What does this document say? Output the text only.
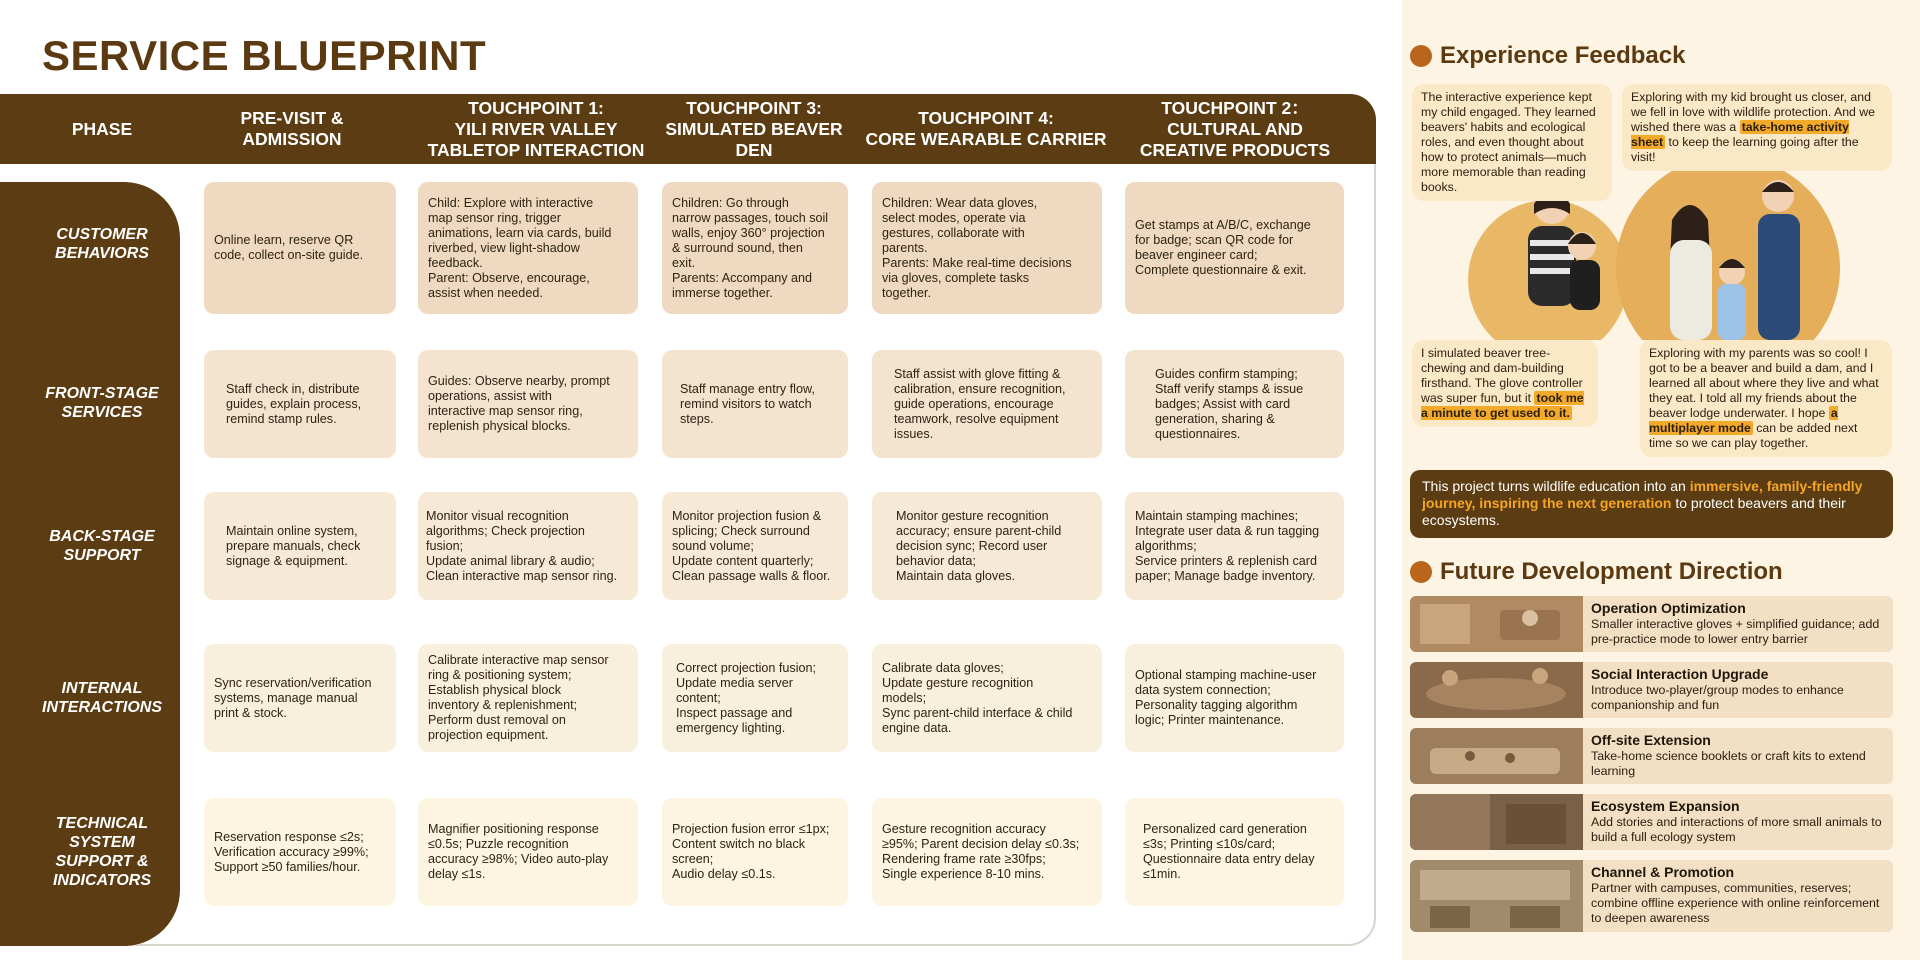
SERVICE BLUEPRINT
PHASE
PRE-VISIT &
ADMISSION
TOUCHPOINT 1:
YILI RIVER VALLEY
TABLETOP INTERACTION
TOUCHPOINT 3:
SIMULATED BEAVER
DEN
TOUCHPOINT 4:
CORE WEARABLE CARRIER
TOUCHPOINT 2：
CULTURAL AND
CREATIVE PRODUCTS
CUSTOMER
BEHAVIORS
FRONT-STAGE
SERVICES
BACK-STAGE
SUPPORT
INTERNAL
INTERACTIONS
TECHNICAL
SYSTEM
SUPPORT &
INDICATORS
Online learn, reserve QR
code, collect on-site guide.
Child: Explore with interactive
map sensor ring, trigger
animations, learn via cards, build
riverbed, view light-shadow
feedback.
Parent: Observe, encourage,
assist when needed.
Children: Go through
narrow passages, touch soil
walls, enjoy 360° projection
& surround sound, then
exit.
Parents: Accompany and
immerse together.
Children: Wear data gloves,
select modes, operate via
gestures, collaborate with
parents.
Parents: Make real-time decisions
via gloves, complete tasks
together.
Get stamps at A/B/C, exchange
for badge; scan QR code for
beaver engineer card;
Complete questionnaire & exit.
Staff check in, distribute
guides, explain process,
remind stamp rules.
Guides: Observe nearby, prompt
operations, assist with
interactive map sensor ring,
replenish physical blocks.
Staff manage entry flow,
remind visitors to watch
steps.
Staff assist with glove fitting &
calibration, ensure recognition,
guide operations, encourage
teamwork, resolve equipment
issues.
Guides confirm stamping;
Staff verify stamps & issue
badges; Assist with card
generation, sharing &
questionnaires.
Maintain online system,
prepare manuals, check
signage & equipment.
Monitor visual recognition
algorithms; Check projection
fusion;
Update animal library & audio;
Clean interactive map sensor ring.
Monitor projection fusion &
splicing; Check surround
sound volume;
Update content quarterly;
Clean passage walls & floor.
Monitor gesture recognition
accuracy; ensure parent-child
decision sync; Record user
behavior data;
Maintain data gloves.
Maintain stamping machines;
Integrate user data & run tagging
algorithms;
Service printers & replenish card
paper; Manage badge inventory.
Sync reservation/verification
systems, manage manual
print & stock.
Calibrate interactive map sensor
ring & positioning system;
Establish physical block
inventory & replenishment;
Perform dust removal on
projection equipment.
Correct projection fusion;
Update media server
content;
Inspect passage and
emergency lighting.
Calibrate data gloves;
Update gesture recognition
models;
Sync parent-child interface & child
engine data.
Optional stamping machine-user
data system connection;
Personality tagging algorithm
logic; Printer maintenance.
Reservation response ≤2s;
Verification accuracy ≥99%;
Support ≥50 families/hour.
Magnifier positioning response
≤0.5s; Puzzle recognition
accuracy ≥98%; Video auto-play
delay ≤1s.
Projection fusion error ≤1px;
Content switch no black
screen;
Audio delay ≤0.1s.
Gesture recognition accuracy
≥95%; Parent decision delay ≤0.3s;
Rendering frame rate ≥30fps;
Single experience 8-10 mins.
Personalized card generation
≤3s; Printing ≤10s/card;
Questionnaire data entry delay
≤1min.
Experience Feedback
The interactive experience kept my child engaged. They learned beavers' habits and ecological roles, and even thought about how to protect animals—much more memorable than reading books.
Exploring with my kid brought us closer, and we fell in love with wildlife protection. And we wished there was a take-home activity sheet to keep the learning going after the visit!
I simulated beaver tree-chewing and dam-building firsthand. The glove controller was super fun, but it took me a minute to get used to it.
Exploring with my parents was so cool! I got to be a beaver and build a dam, and I learned all about where they live and what they eat. I told all my friends about the beaver lodge underwater. I hope a multiplayer mode can be added next time so we can play together.
This project turns wildlife education into an immersive, family-friendly journey, inspiring the next generation to protect beavers and their ecosystems.
Future Development Direction
Operation Optimization
Smaller interactive gloves + simplified guidance; add pre-practice mode to lower entry barrier
Social Interaction Upgrade
Introduce two-player/group modes to enhance companionship and fun
Off-site Extension
Take-home science booklets or craft kits to extend learning
Ecosystem Expansion
Add stories and interactions of more small animals to build a full ecology system
Channel & Promotion
Partner with campuses, communities, reserves; combine offline experience with online reinforcement to deepen awareness
